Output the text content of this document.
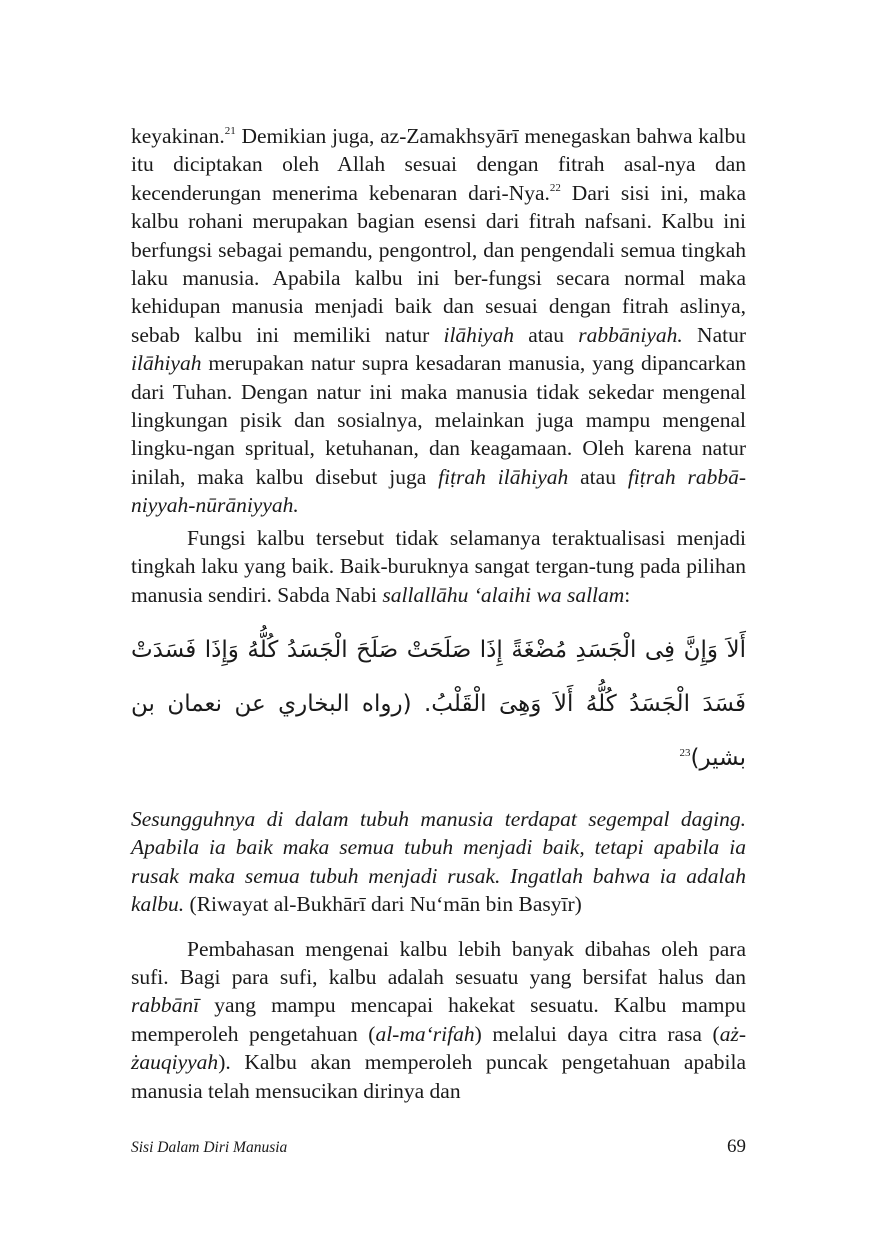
keyakinan.$^{21}$ Demikian juga, az-Zamakhsyārī menegaskan bahwa kalbu itu diciptakan oleh Allah sesuai dengan fitrah asal-nya dan kecenderungan menerima kebenaran dari-Nya.$^{22}$ Dari sisi ini, maka kalbu rohani merupakan bagian esensi dari fitrah nafsani. Kalbu ini berfungsi sebagai pemandu, pengontrol, dan pengendali semua tingkah laku manusia. Apabila kalbu ini ber-fungsi secara normal maka kehidupan manusia menjadi baik dan sesuai dengan fitrah aslinya, sebab kalbu ini memiliki natur ilāhiyah atau rabbāniyah. Natur ilāhiyah merupakan natur supra kesadaran manusia, yang dipancarkan dari Tuhan. Dengan natur ini maka manusia tidak sekedar mengenal lingkungan pisik dan sosialnya, melainkan juga mampu mengenal lingku-ngan spritual, ketuhanan, dan keagamaan. Oleh karena natur inilah, maka kalbu disebut juga fiṭrah ilāhiyah atau fiṭrah rabbā-niyyah-nūrāniyyah.

Fungsi kalbu tersebut tidak selamanya teraktualisasi menjadi tingkah laku yang baik. Baik-buruknya sangat tergan-tung pada pilihan manusia sendiri. Sabda Nabi sallallāhu ‘alaihi wa sallam:

أَلاَ وَإِنَّ فِى الْجَسَدِ مُضْغَةً إِذَا صَلَحَتْ صَلَحَ الْجَسَدُ كُلُّهُ وَإِذَا فَسَدَتْ
فَسَدَ الْجَسَدُ كُلُّهُ أَلاَ وَهِىَ الْقَلْبُ. (رواه البخاري عن نعمان بن بشير)$^{23}$

Sesungguhnya di dalam tubuh manusia terdapat segempal daging. Apabila ia baik maka semua tubuh menjadi baik, tetapi apabila ia rusak maka semua tubuh menjadi rusak. Ingatlah bahwa ia adalah kalbu. (Riwayat al-Bukhārī dari Nu‘mān bin Basyīr)

Pembahasan mengenai kalbu lebih banyak dibahas oleh para sufi. Bagi para sufi, kalbu adalah sesuatu yang bersifat halus dan rabbānī yang mampu mencapai hakekat sesuatu. Kalbu mampu memperoleh pengetahuan (al-ma‘rifah) melalui daya citra rasa (aż-żauqiyyah). Kalbu akan memperoleh puncak pengetahuan apabila manusia telah mensucikan dirinya dan

Sisi Dalam Diri Manusia	69
